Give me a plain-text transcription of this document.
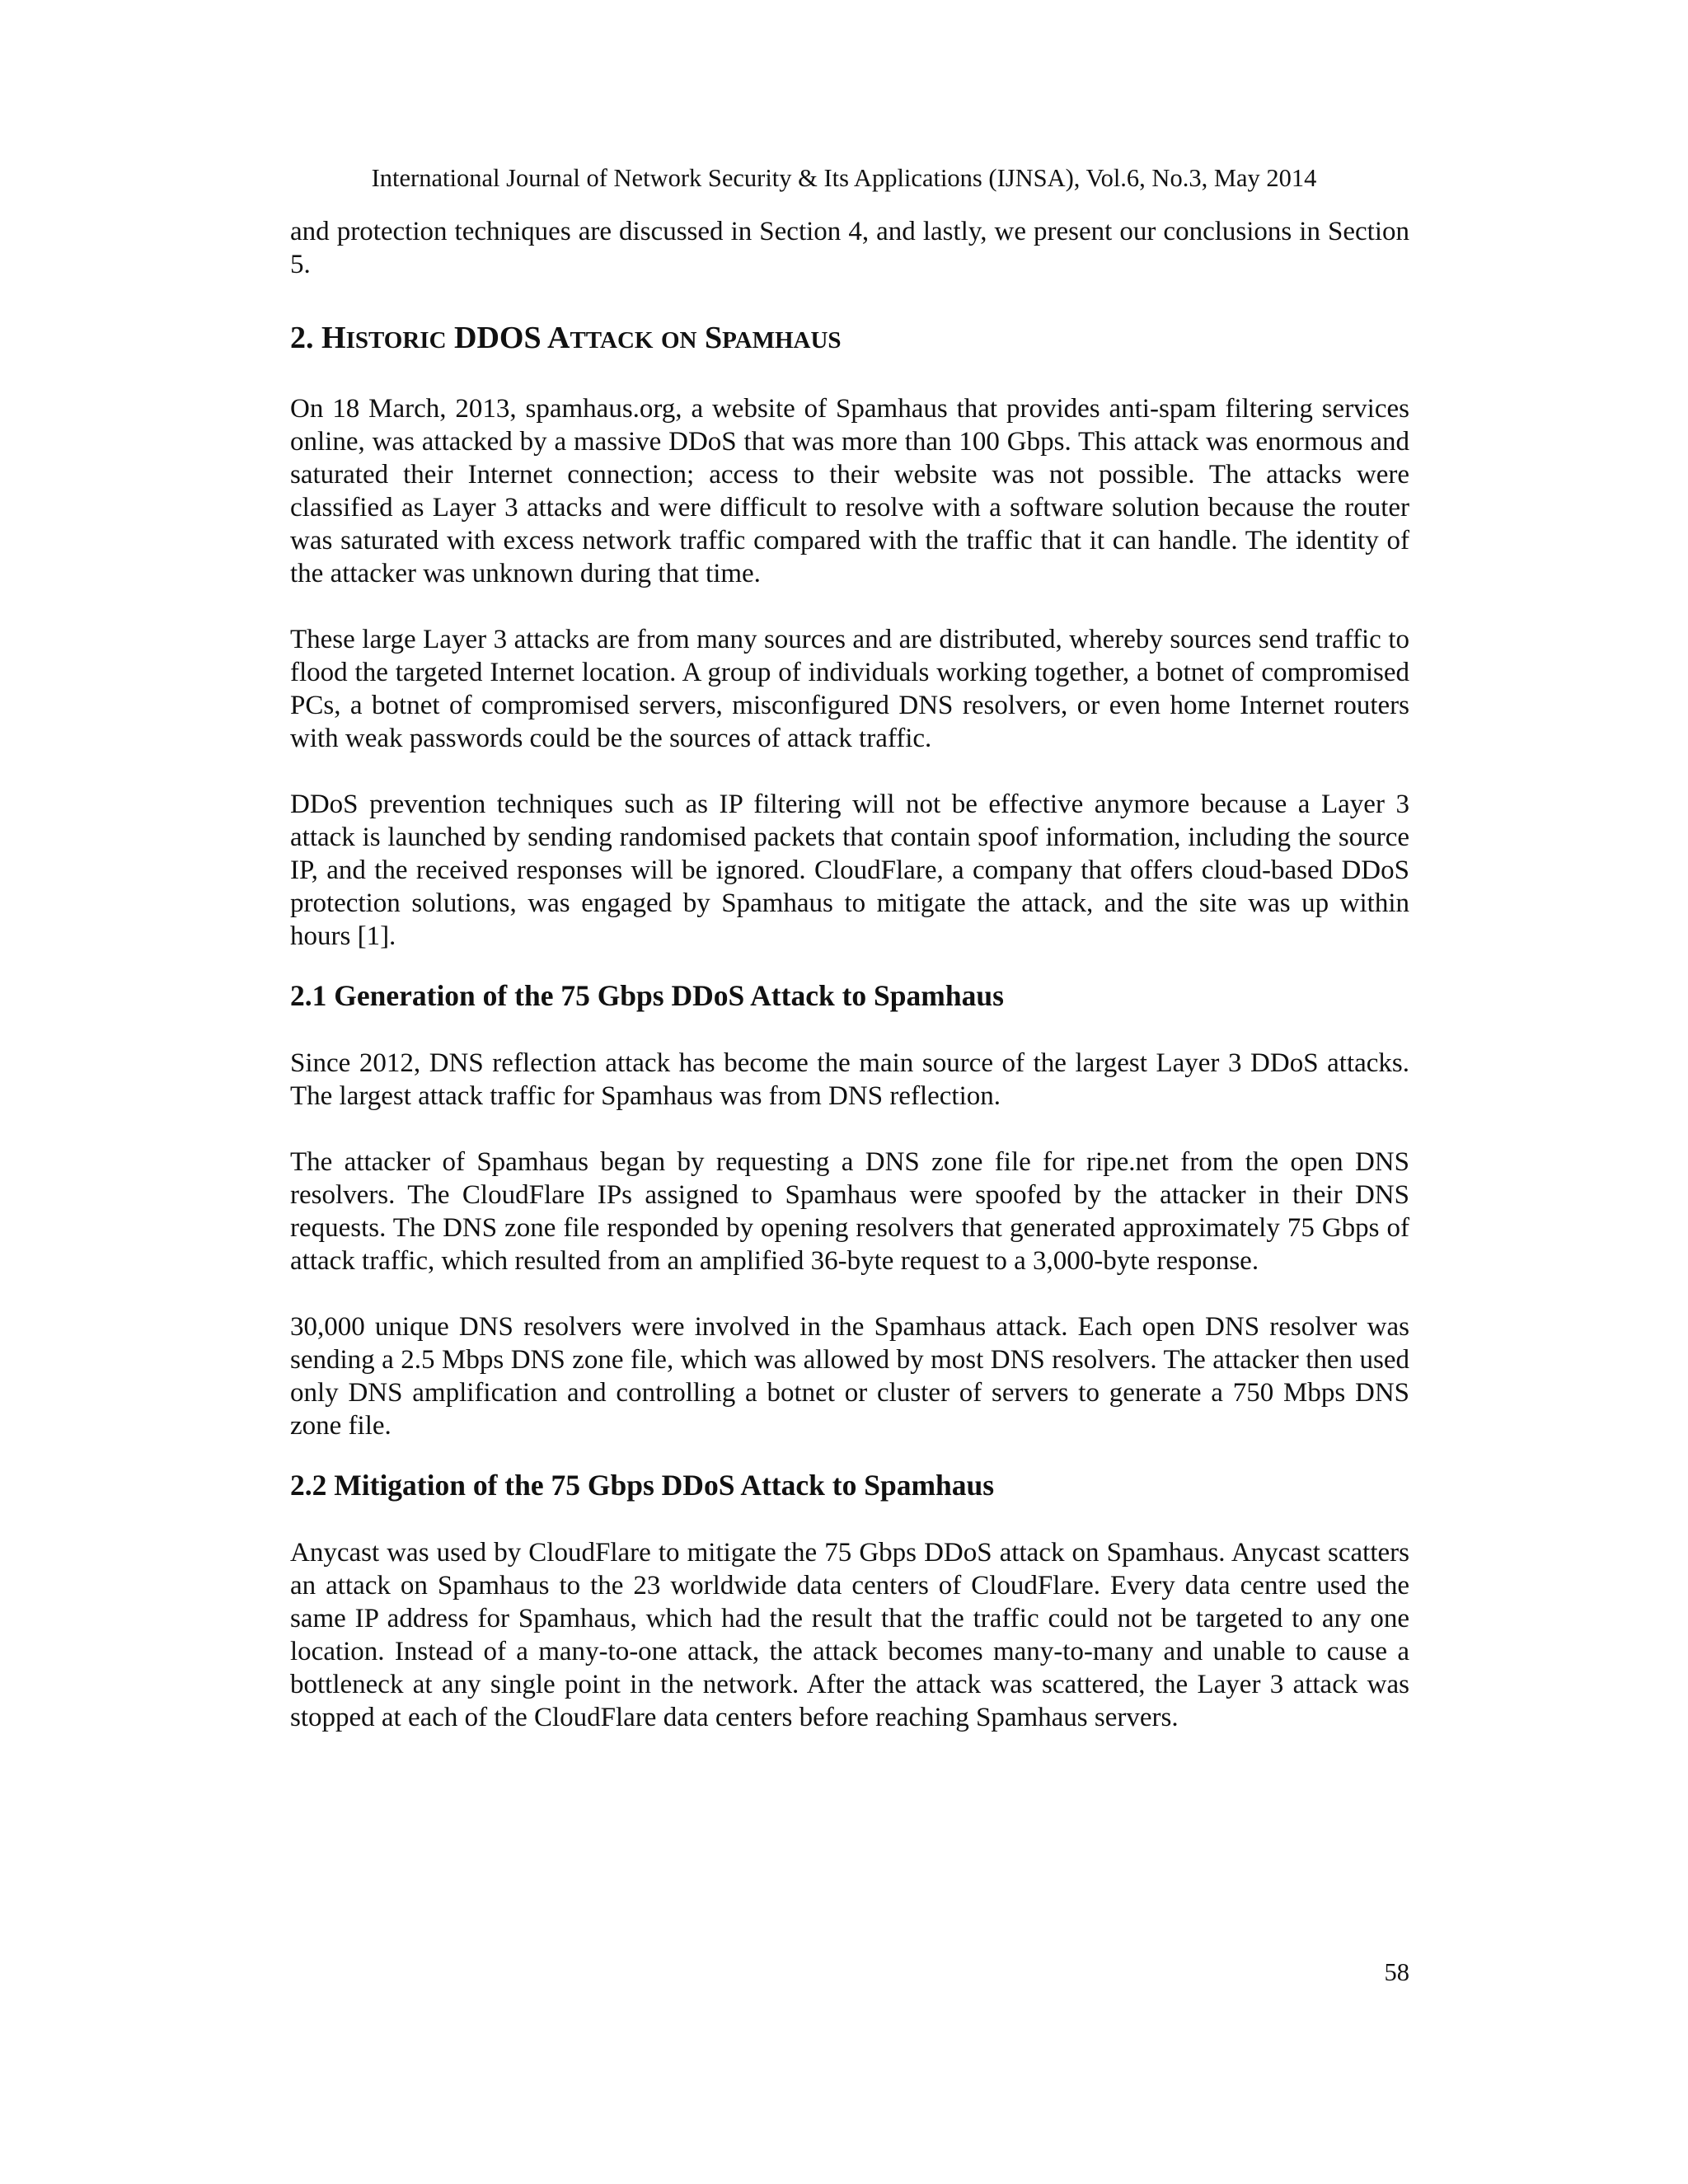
International Journal of Network Security & Its Applications (IJNSA), Vol.6, No.3, May 2014

and protection techniques are discussed in Section 4, and lastly, we present our conclusions in Section 5.

2. HISTORIC DDOS ATTACK ON SPAMHAUS

On 18 March, 2013, spamhaus.org, a website of Spamhaus that provides anti-spam filtering services online, was attacked by a massive DDoS that was more than 100 Gbps. This attack was enormous and saturated their Internet connection; access to their website was not possible. The attacks were classified as Layer 3 attacks and were difficult to resolve with a software solution because the router was saturated with excess network traffic compared with the traffic that it can handle. The identity of the attacker was unknown during that time.

These large Layer 3 attacks are from many sources and are distributed, whereby sources send traffic to flood the targeted Internet location. A group of individuals working together, a botnet of compromised PCs, a botnet of compromised servers, misconfigured DNS resolvers, or even home Internet routers with weak passwords could be the sources of attack traffic.

DDoS prevention techniques such as IP filtering will not be effective anymore because a Layer 3 attack is launched by sending randomised packets that contain spoof information, including the source IP, and the received responses will be ignored. CloudFlare, a company that offers cloud-based DDoS protection solutions, was engaged by Spamhaus to mitigate the attack, and the site was up within hours [1].

2.1 Generation of the 75 Gbps DDoS Attack to Spamhaus

Since 2012, DNS reflection attack has become the main source of the largest Layer 3 DDoS attacks. The largest attack traffic for Spamhaus was from DNS reflection.

The attacker of Spamhaus began by requesting a DNS zone file for ripe.net from the open DNS resolvers. The CloudFlare IPs assigned to Spamhaus were spoofed by the attacker in their DNS requests. The DNS zone file responded by opening resolvers that generated approximately 75 Gbps of attack traffic, which resulted from an amplified 36-byte request to a 3,000-byte response.

30,000 unique DNS resolvers were involved in the Spamhaus attack. Each open DNS resolver was sending a 2.5 Mbps DNS zone file, which was allowed by most DNS resolvers. The attacker then used only DNS amplification and controlling a botnet or cluster of servers to generate a 750 Mbps DNS zone file.

2.2 Mitigation of the 75 Gbps DDoS Attack to Spamhaus

Anycast was used by CloudFlare to mitigate the 75 Gbps DDoS attack on Spamhaus. Anycast scatters an attack on Spamhaus to the 23 worldwide data centers of CloudFlare. Every data centre used the same IP address for Spamhaus, which had the result that the traffic could not be targeted to any one location. Instead of a many-to-one attack, the attack becomes many-to-many and unable to cause a bottleneck at any single point in the network. After the attack was scattered, the Layer 3 attack was stopped at each of the CloudFlare data centers before reaching Spamhaus servers.

58
